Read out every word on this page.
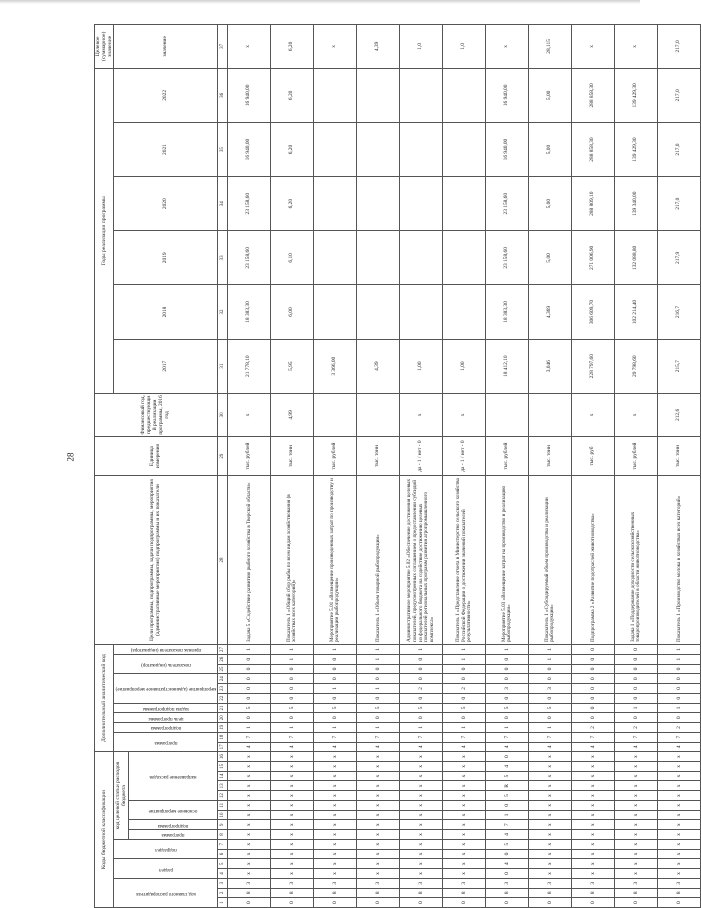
28
Коды бюджетной классификации																Дополнительный аналитический код											Цели программы, подпрограммы, задачи подпрограммы, мероприятия (административные мероприятия) подпрограммы и их показатели	Единица измерения	Финансовый год, предшествующий реализации программы, 2016 год	Годы реализации программы						Целевое (суммарное) значение

код главного распорядителя			раздел		подраздел		код целевой статьи расходов бюджета									программа		подпрограмма	цель программы	задача подпрограммы	мероприятие (административное мероприятие)			показатель (индикатор)		признак показателя (индикатора)				2017	2018	2019	2020	2021	2022	значение

							программа	подпрограмма	основное мероприятие		направление расходов																									

1	2	3	4	5	6	7	8	9	10	11	12	13	14	15	16	17	18	19	20	21	22	23	24	25	26	27	28	29	30	31	32	33	34	35	36	37
0	8	3	х	х	х	х	х	х	х	х	х	х	х	х	х	4	7	1	0	5	0	0	0	0	0	1	Задача 5 «Содействие развитию рыбного хозяйства в Тверской области»	тыс. рублей	х	21 778,10	18 383,30	23 158,60	23 158,60	16 940,00	16 940,00	х
0	8	3	х	х	х	х	х	х	х	х	х	х	х	х	х	4	7	1	0	5	0	0	0	0	1	1	Показатель 1 «Общий сбор рыбы по всем видам хозяйствования (в хозяйствах всех категорий)»	тыс. тонн	4,99	5,95	6,00	6,10	6,20	6,20	6,20	6,20
0	8	3	х	х	х	х	х	х	х	х	х	х	х	х	х	4	7	1	0	5	0	1	0	0	0	1	Мероприятие 5.01 «Возмещение произведенных затрат по производству и реализации рыбопродукции»	тыс. рублей		3 366,00						х
0	8	3	х	х	х	х	х	х	х	х	х	х	х	х	х	4	7	1	0	5	0	1	0	0	1	1	Показатель 1 «Объем товарной рыбопродукции»	тыс. тонн		4,39						4,39
0	8	3	х	х	х	х	х	х	х	х	х	х	х	х	х	4	7	1	0	5	0	2	0	0	0	1	Административное мероприятие 5.02 «Обеспечение достижения целевых показателей, предусмотренных соглашением о предоставлении субсидий из федерального бюджета на содействие достижению целевых показателей региональных программ развития агропромышленного комплекса»	да - 1 / нет - 0	х	1,00						1,0
0	8	3	х	х	х	х	х	х	х	х	х	х	х	х	х	4	7	1	0	5	0	2	0	0	1	1	Показатель 1 «Представление отчета в Министерство сельского хозяйства Российской Федерации о достижении значений показателей результативности»	да - 1 / нет - 0	х	1,00						1,0
0	8	3	0	4	0	5	4	7	1	0	5	R	5	4	0	4	7	1	0	5	0	3	0	0	0	1	Мероприятие 5.03 «Возмещение затрат на производство и реализацию рыбопродукции»	тыс. рублей		18 412,10	18 383,30	23 158,60	23 158,60	16 940,00	16 940,00	х
0	8	3	х	х	х	х	х	х	х	х	х	х	х	х	х	4	7	1	0	5	0	3	0	0	1	1	Показатель 1 «Субсидируемый объем производства и реализации рыбопродукции»	тыс. тонн		3,046	4,369	5,00	5,00	5,00	5,00	28,115
0	8	3	х	х	х	х	х	х	х	х	х	х	х	х	х	4	7	2	0	0	0	0	0	0	0	0	Подпрограмма 2 «Развитие подотраслей животноводства»	тыс. руб	х	228 797,60	306 609,70	271 006,90	288 809,10	288 858,30	288 858,30	х
0	8	3	х	х	х	х	х	х	х	х	х	х	х	х	х	4	7	2	0	1	0	0	0	0	0	0	Задача 1 «Поддержание доходности сельскохозяйственных товаропроизводителей в области животноводства»	тыс. рублей	х	29 798,60	102 214,40	132 088,80	139 340,00	139 429,30	139 429,30	х
0	8	3	х	х	х	х	х	х	х	х	х	х	х	х	х	4	7	2	0	1	0	0	0	0	1	1	Показатель 1 «Производство молока в хозяйствах всех категорий»	тыс. тонн	212,6	215,7	216,7	217,9	217,0	217,0	217,0	217,0
